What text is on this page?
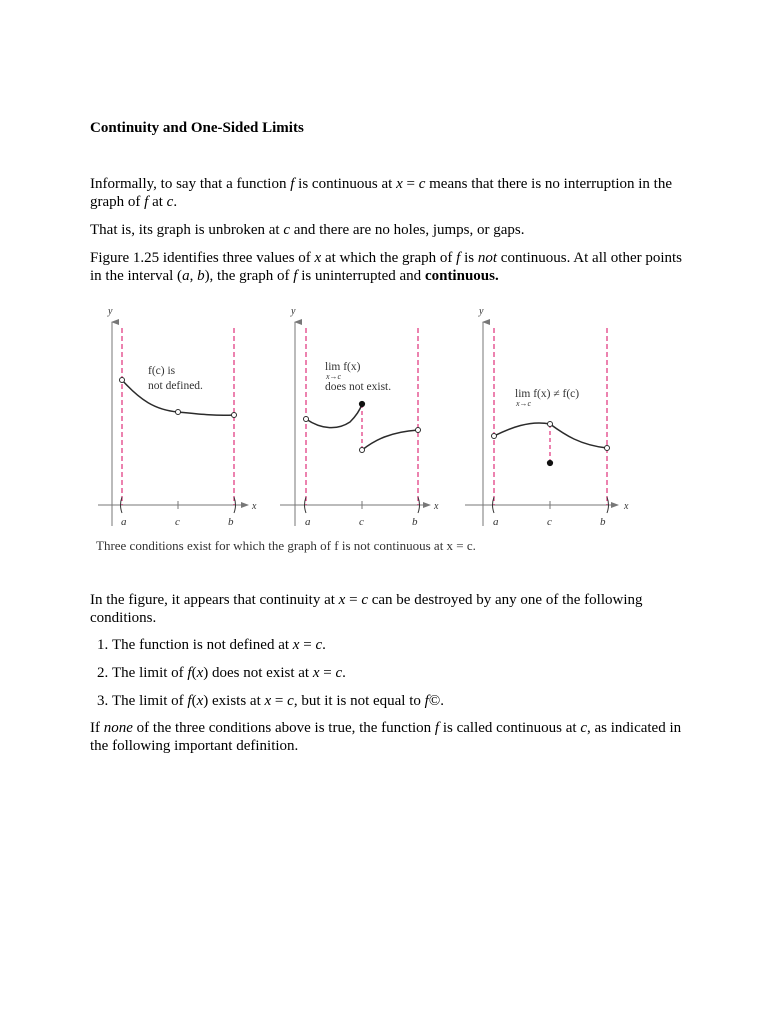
Continuity and One-Sided Limits

Informally, to say that a function f is continuous at x = c means that there is no interruption in the graph of f at c.

That is, its graph is unbroken at c and there are no holes, jumps, or gaps.

Figure 1.25 identifies three values of x at which the graph of f is not continuous. At all other points in the interval (a, b), the graph of f is uninterrupted and continuous.

y
x
a	c	b
f(c) is
not defined.
y
x
a	c	b
lim f(x)
x→c
does not exist.
y
x
a	c	b
lim f(x) ≠ f(c)
x→c
Three conditions exist for which the graph of f is not continuous at x = c.

In the figure, it appears that continuity at x = c can be destroyed by any one of the following conditions.

1. The function is not defined at x = c.
2. The limit of f(x) does not exist at x = c.
3. The limit of f(x) exists at x = c, but it is not equal to f©.

If none of the three conditions above is true, the function f is called continuous at c, as indicated in the following important definition.
